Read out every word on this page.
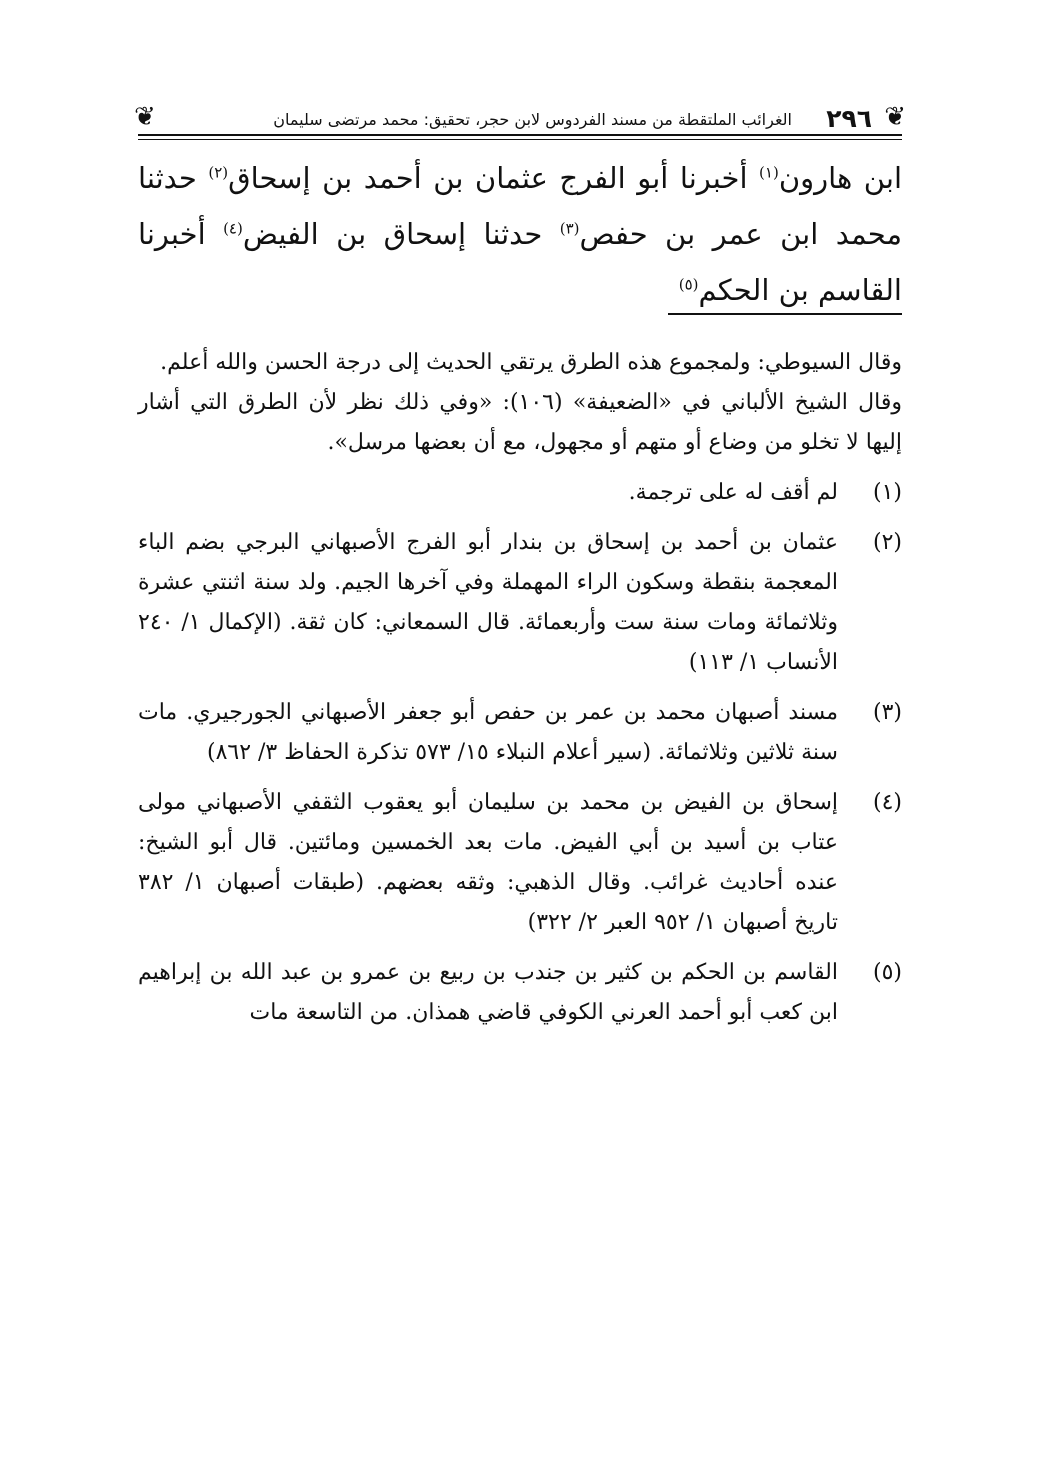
❦
٢٩٦
الغرائب الملتقطة من مسند الفردوس لابن حجر، تحقيق: محمد مرتضى سليمان
❦

ابن هارون$^{(١)}$ أخبرنا أبو الفرج عثمان بن أحمد بن إسحاق$^{(٢)}$ حدثنا محمد ابن عمر بن حفص$^{(٣)}$ حدثنا إسحاق بن الفيض$^{(٤)}$ أخبرنا القاسم بن الحكم$^{(٥)}$

وقال السيوطي: ولمجموع هذه الطرق يرتقي الحديث إلى درجة الحسن والله أعلم.

وقال الشيخ الألباني في «الضعيفة» (١٠٦): «وفي ذلك نظر لأن الطرق التي أشار إليها لا تخلو من وضاع أو متهم أو مجهول، مع أن بعضها مرسل».

(١)
لم أقف له على ترجمة.

(٢)
عثمان بن أحمد بن إسحاق بن بندار أبو الفرج الأصبهاني البرجي بضم الباء المعجمة بنقطة وسكون الراء المهملة وفي آخرها الجيم. ولد سنة اثنتي عشرة وثلاثمائة ومات سنة ست وأربعمائة. قال السمعاني: كان ثقة. (الإكمال ١/ ٢٤٠ الأنساب ١/ ١١٣)

(٣)
مسند أصبهان محمد بن عمر بن حفص أبو جعفر الأصبهاني الجورجيري. مات سنة ثلاثين وثلاثمائة. (سير أعلام النبلاء ١٥/ ٥٧٣ تذكرة الحفاظ ٣/ ٨٦٢)

(٤)
إسحاق بن الفيض بن محمد بن سليمان أبو يعقوب الثقفي الأصبهاني مولى عتاب بن أسيد بن أبي الفيض. مات بعد الخمسين ومائتين. قال أبو الشيخ: عنده أحاديث غرائب. وقال الذهبي: وثقه بعضهم. (طبقات أصبهان ١/ ٣٨٢ تاريخ أصبهان ١/ ٩٥٢ العبر ٢/ ٣٢٢)

(٥)
القاسم بن الحكم بن كثير بن جندب بن ربيع بن عمرو بن عبد الله بن إبراهيم ابن كعب أبو أحمد العرني الكوفي قاضي همذان. من التاسعة مات
